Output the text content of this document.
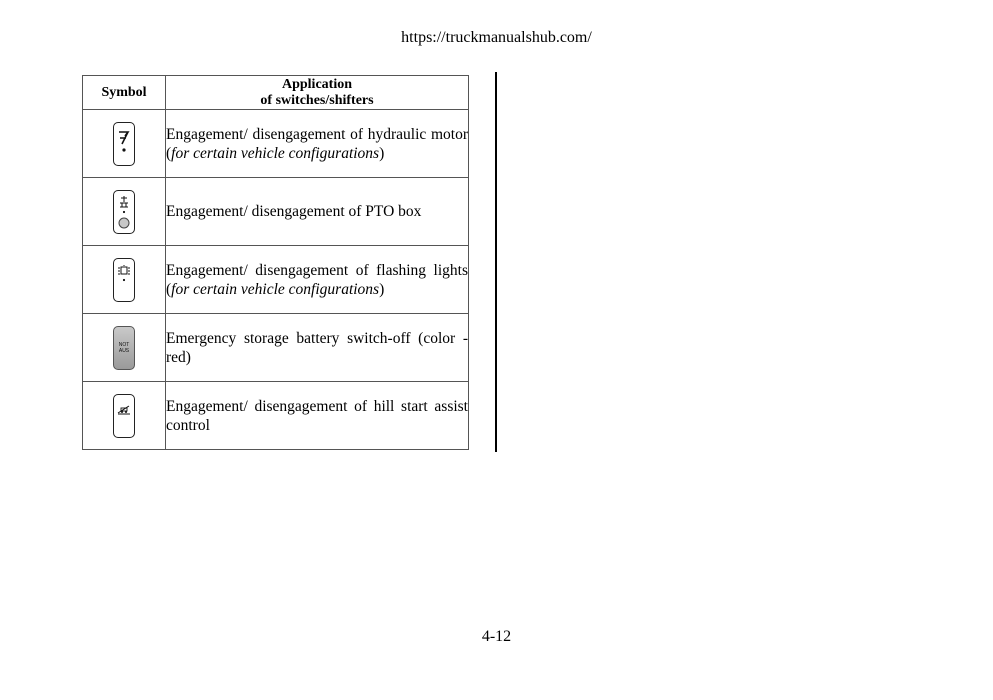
https://truckmanualshub.com/
Symbol	Application
of switches/shifters

	Engagement/ disengagement of hydraulic motor (for certain vehicle configurations)

	Engagement/ disengagement of PTO box

	Engagement/ disengagement of flashing lights (for certain vehicle configurations)

NOT
AUS	Emergency storage battery switch-off (color - red)

	Engagement/ disengagement of hill start assist control
4-12
